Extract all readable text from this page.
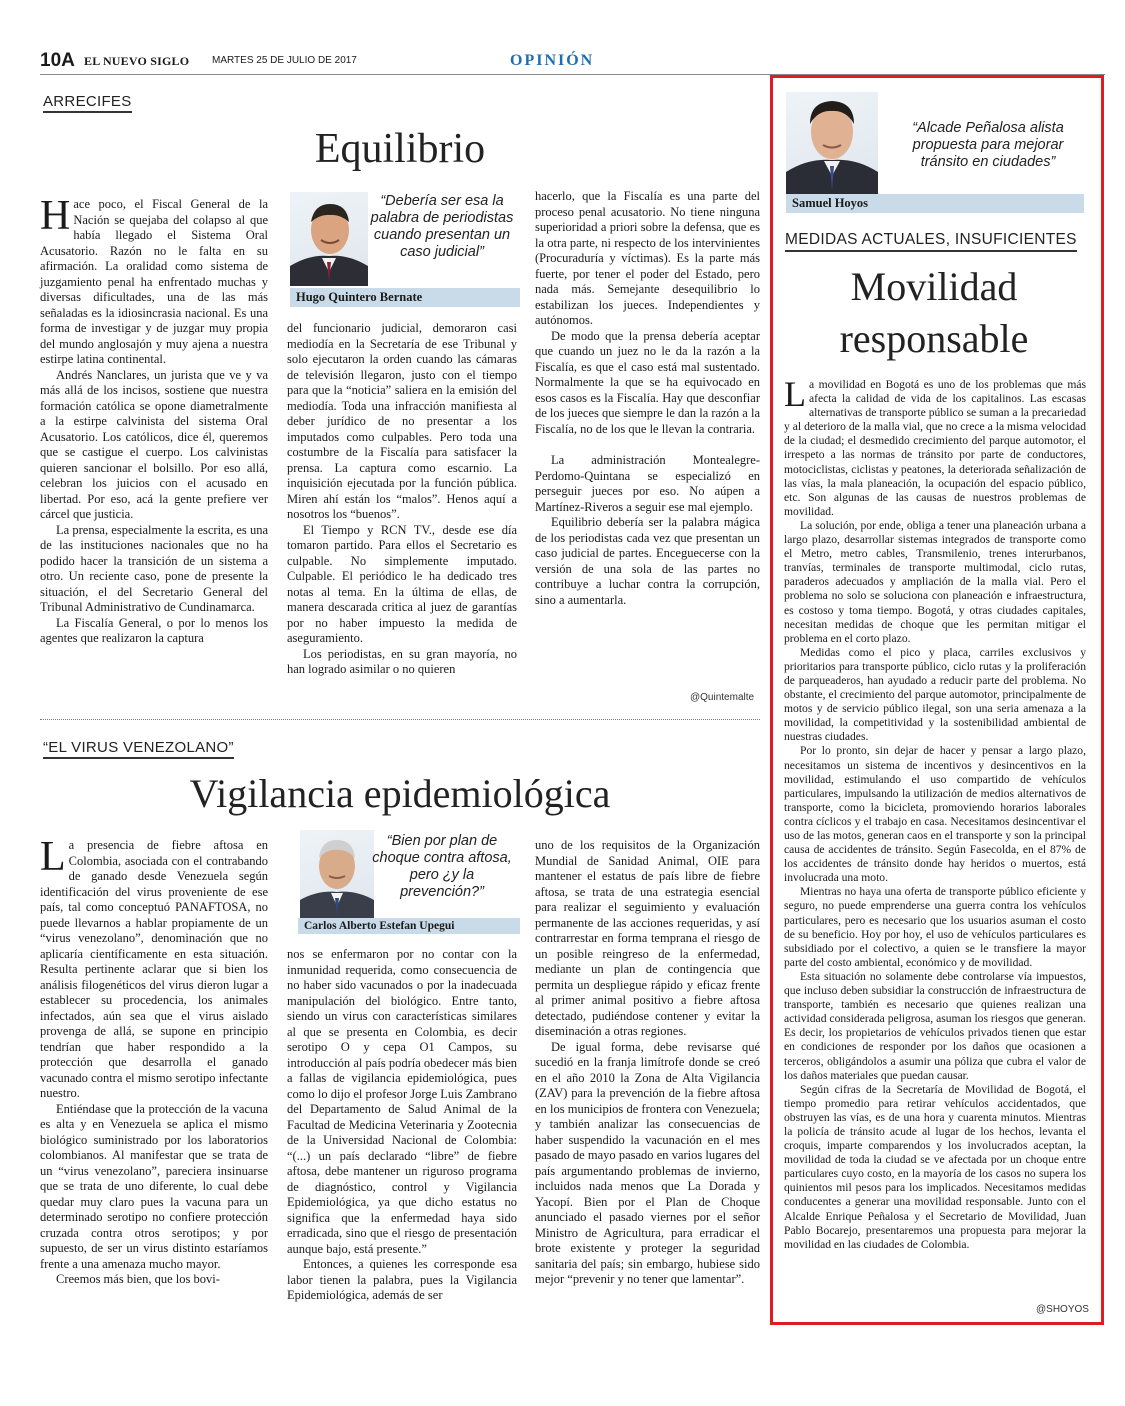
10A EL NUEVO SIGLO MARTES 25 DE JULIO DE 2017	OPINIÓN
ARRECIFES
Equilibrio
“Debería ser esa la palabra de periodistas cuando presentan un caso judicial”
Hugo Quintero Bernate

Hace poco, el Fiscal General de la Nación se quejaba del colapso al que había llegado el Sistema Oral Acusatorio. Razón no le falta en su afirmación. La oralidad como sistema de juzgamiento penal ha enfrentado muchas y diversas dificultades, una de las más señaladas es la idiosincrasia nacional. Es una forma de investigar y de juzgar muy propia del mundo anglosajón y muy ajena a nuestra estirpe latina continental.

Andrés Nanclares, un jurista que ve y va más allá de los incisos, sostiene que nuestra formación católica se opone diametralmente a la estirpe calvinista del sistema Oral Acusatorio. Los católicos, dice él, queremos que se castigue el cuerpo. Los calvinistas quieren sancionar el bolsillo. Por eso allá, celebran los juicios con el acusado en libertad. Por eso, acá la gente prefiere ver cárcel que justicia.

La prensa, especialmente la escrita, es una de las instituciones nacionales que no ha podido hacer la transición de un sistema a otro. Un reciente caso, pone de presente la situación, el del Secretario General del Tribunal Administrativo de Cundinamarca.

La Fiscalía General, o por lo menos los agentes que realizaron la captura

del funcionario judicial, demoraron casi mediodía en la Secretaría de ese Tribunal y solo ejecutaron la orden cuando las cámaras de televisión llegaron, justo con el tiempo para que la “noticia” saliera en la emisión del mediodía. Toda una infracción manifiesta al deber jurídico de no presentar a los imputados como culpables. Pero toda una costumbre de la Fiscalía para satisfacer la prensa. La captura como escarnio. La inquisición ejecutada por la función pública. Miren ahí están los “malos”. Henos aquí a nosotros los “buenos”.

El Tiempo y RCN TV., desde ese día tomaron partido. Para ellos el Secretario es culpable. No simplemente imputado. Culpable. El periódico le ha dedicado tres notas al tema. En la última de ellas, de manera descarada critica al juez de garantías por no haber impuesto la medida de aseguramiento.

Los periodistas, en su gran mayoría, no han logrado asimilar o no quieren

hacerlo, que la Fiscalía es una parte del proceso penal acusatorio. No tiene ninguna superioridad a priori sobre la defensa, que es la otra parte, ni respecto de los intervinientes (Procuraduría y víctimas). Es la parte más fuerte, por tener el poder del Estado, pero nada más. Semejante desequilibrio lo estabilizan los jueces. Independientes y autónomos.

De modo que la prensa debería aceptar que cuando un juez no le da la razón a la Fiscalía, es que el caso está mal sustentado. Normalmente la que se ha equivocado en esos casos es la Fiscalía. Hay que desconfiar de los jueces que siempre le dan la razón a la Fiscalía, no de los que le llevan la contraria.

La administración Montealegre-Perdomo-Quintana se especializó en perseguir jueces por eso. No aúpen a Martínez-Riveros a seguir ese mal ejemplo.

Equilibrio debería ser la palabra mágica de los periodistas cada vez que presentan un caso judicial de partes. Enceguecerse con la versión de una sola de las partes no contribuye a luchar contra la corrupción, sino a aumentarla.

@Quintemalte
“EL VIRUS VENEZOLANO”
Vigilancia epidemiológica
“Bien por plan de choque contra aftosa, pero ¿y la prevención?”
Carlos Alberto Estefan Upegui

La presencia de fiebre aftosa en Colombia, asociada con el contrabando de ganado desde Venezuela según identificación del virus proveniente de ese país, tal como conceptuó PANAFTOSA, no puede llevarnos a hablar propiamente de un “virus venezolano”, denominación que no aplicaría científicamente en esta situación. Resulta pertinente aclarar que si bien los análisis filogenéticos del virus dieron lugar a establecer su procedencia, los animales infectados, aún sea que el virus aislado provenga de allá, se supone en principio tendrían que haber respondido a la protección que desarrolla el ganado vacunado contra el mismo serotipo infectante nuestro.

Entiéndase que la protección de la vacuna es alta y en Venezuela se aplica el mismo biológico suministrado por los laboratorios colombianos. Al manifestar que se trata de un “virus venezolano”, pareciera insinuarse que se trata de uno diferente, lo cual debe quedar muy claro pues la vacuna para un determinado serotipo no confiere protección cruzada contra otros serotipos; y por supuesto, de ser un virus distinto estaríamos frente a una amenaza mucho mayor.

Creemos más bien, que los bovi-

nos se enfermaron por no contar con la inmunidad requerida, como consecuencia de no haber sido vacunados o por la inadecuada manipulación del biológico. Entre tanto, siendo un virus con características similares al que se presenta en Colombia, es decir serotipo O y cepa O1 Campos, su introducción al país podría obedecer más bien a fallas de vigilancia epidemiológica, pues como lo dijo el profesor Jorge Luis Zambrano del Departamento de Salud Animal de la Facultad de Medicina Veterinaria y Zootecnia de la Universidad Nacional de Colombia: “(...) un país declarado “libre” de fiebre aftosa, debe mantener un riguroso programa de diagnóstico, control y Vigilancia Epidemiológica, ya que dicho estatus no significa que la enfermedad haya sido erradicada, sino que el riesgo de presentación aunque bajo, está presente.”

Entonces, a quienes les corresponde esa labor tienen la palabra, pues la Vigilancia Epidemiológica, además de ser

uno de los requisitos de la Organización Mundial de Sanidad Animal, OIE para mantener el estatus de país libre de fiebre aftosa, se trata de una estrategia esencial para realizar el seguimiento y evaluación permanente de las acciones requeridas, y así contrarrestar en forma temprana el riesgo de un posible reingreso de la enfermedad, mediante un plan de contingencia que permita un despliegue rápido y eficaz frente al primer animal positivo a fiebre aftosa detectado, pudiéndose contener y evitar la diseminación a otras regiones.

De igual forma, debe revisarse qué sucedió en la franja limítrofe donde se creó en el año 2010 la Zona de Alta Vigilancia (ZAV) para la prevención de la fiebre aftosa en los municipios de frontera con Venezuela; y también analizar las consecuencias de haber suspendido la vacunación en el mes pasado de mayo pasado en varios lugares del país argumentando problemas de invierno, incluidos nada menos que La Dorada y Yacopí. Bien por el Plan de Choque anunciado el pasado viernes por el señor Ministro de Agricultura, para erradicar el brote existente y proteger la seguridad sanitaria del país; sin embargo, hubiese sido mejor “prevenir y no tener que lamentar”.

“Alcade Peñalosa alista propuesta para mejorar tránsito en ciudades”
Samuel Hoyos
MEDIDAS ACTUALES, INSUFICIENTES
Movilidad
responsable

La movilidad en Bogotá es uno de los problemas que más afecta la calidad de vida de los capitalinos. Las escasas alternativas de transporte público se suman a la precariedad y al deterioro de la malla vial, que no crece a la misma velocidad de la ciudad; el desmedido crecimiento del parque automotor, el irrespeto a las normas de tránsito por parte de conductores, motociclistas, ciclistas y peatones, la deteriorada señalización de las vías, la mala planeación, la ocupación del espacio público, etc. Son algunas de las causas de nuestros problemas de movilidad.

La solución, por ende, obliga a tener una planeación urbana a largo plazo, desarrollar sistemas integrados de transporte como el Metro, metro cables, Transmilenio, trenes interurbanos, tranvías, terminales de transporte multimodal, ciclo rutas, paraderos adecuados y ampliación de la malla vial. Pero el problema no solo se soluciona con planeación e infraestructura, es costoso y toma tiempo. Bogotá, y otras ciudades capitales, necesitan medidas de choque que les permitan mitigar el problema en el corto plazo.

Medidas como el pico y placa, carriles exclusivos y prioritarios para transporte público, ciclo rutas y la proliferación de parqueaderos, han ayudado a reducir parte del problema. No obstante, el crecimiento del parque automotor, principalmente de motos y de servicio público ilegal, son una seria amenaza a la movilidad, la competitividad y la sostenibilidad ambiental de nuestras ciudades.

Por lo pronto, sin dejar de hacer y pensar a largo plazo, necesitamos un sistema de incentivos y desincentivos en la movilidad, estimulando el uso compartido de vehículos particulares, impulsando la utilización de medios alternativos de transporte, como la bicicleta, promoviendo horarios laborales contra cíclicos y el trabajo en casa. Necesitamos desincentivar el uso de las motos, generan caos en el transporte y son la principal causa de accidentes de tránsito. Según Fasecolda, en el 87% de los accidentes de tránsito donde hay heridos o muertos, está involucrada una moto.

Mientras no haya una oferta de transporte público eficiente y seguro, no puede emprenderse una guerra contra los vehículos particulares, pero es necesario que los usuarios asuman el costo de su beneficio. Hoy por hoy, el uso de vehículos particulares es subsidiado por el colectivo, a quien se le transfiere la mayor parte del costo ambiental, económico y de movilidad.

Esta situación no solamente debe controlarse vía impuestos, que incluso deben subsidiar la construcción de infraestructura de transporte, también es necesario que quienes realizan una actividad considerada peligrosa, asuman los riesgos que generan. Es decir, los propietarios de vehículos privados tienen que estar en condiciones de responder por los daños que ocasionen a terceros, obligándolos a asumir una póliza que cubra el valor de los daños materiales que puedan causar.

Según cifras de la Secretaría de Movilidad de Bogotá, el tiempo promedio para retirar vehículos accidentados, que obstruyen las vías, es de una hora y cuarenta minutos. Mientras la policía de tránsito acude al lugar de los hechos, levanta el croquis, imparte comparendos y los involucrados aceptan, la movilidad de toda la ciudad se ve afectada por un choque entre particulares cuyo costo, en la mayoría de los casos no supera los quinientos mil pesos para los implicados. Necesitamos medidas conducentes a generar una movilidad responsable. Junto con el Alcalde Enrique Peñalosa y el Secretario de Movilidad, Juan Pablo Bocarejo, presentaremos una propuesta para mejorar la movilidad en las ciudades de Colombia.

@SHOYOS
